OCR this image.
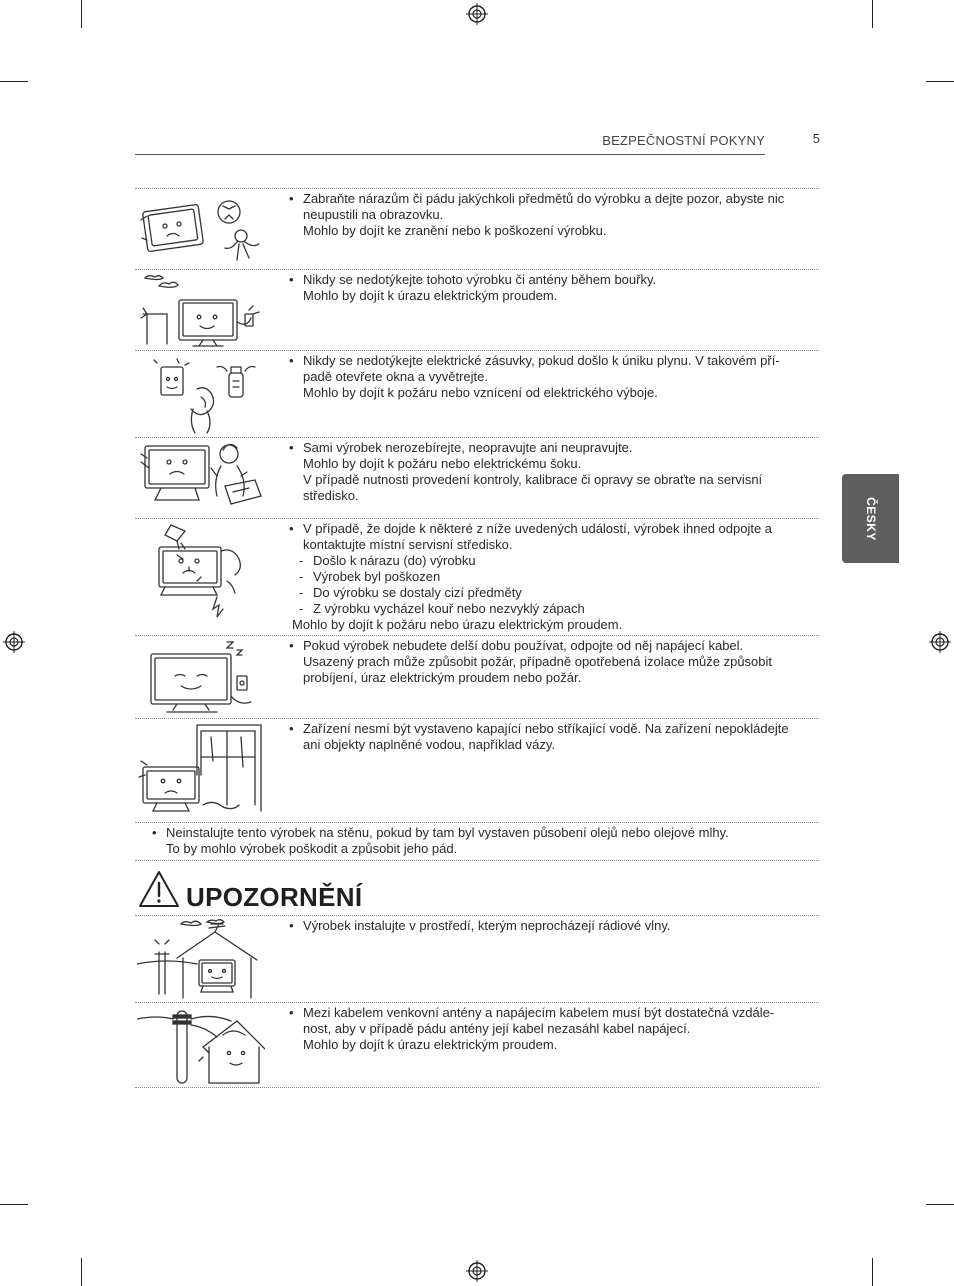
BEZPEČNOSTNÍ POKYNY	5
ČESKY
• Zabraňte nárazům či pádu jakýchkoli předmětů do výrobku a dejte pozor, abyste nic
neupustili na obrazovku.
Mohlo by dojít ke zranění nebo k poškození výrobku.
• Nikdy se nedotýkejte tohoto výrobku či antény během bouřky.
Mohlo by dojít k úrazu elektrickým proudem.
• Nikdy se nedotýkejte elektrické zásuvky, pokud došlo k úniku plynu. V takovém pří-
padě otevřete okna a vyvětrejte.
Mohlo by dojít k požáru nebo vznícení od elektrického výboje.
• Sami výrobek nerozebírejte, neopravujte ani neupravujte.
Mohlo by dojít k požáru nebo elektrickému šoku.
V případě nutnosti provedení kontroly, kalibrace či opravy se obraťte na servisní
středisko.
• V případě, že dojde k některé z níže uvedených událostí, výrobek ihned odpojte a
kontaktujte místní servisní středisko.
- Došlo k nárazu (do) výrobku
- Výrobek byl poškozen
- Do výrobku se dostaly cizí předměty
- Z výrobku vycházel kouř nebo nezvyklý zápach
Mohlo by dojít k požáru nebo úrazu elektrickým proudem.
• Pokud výrobek nebudete delší dobu používat, odpojte od něj napájecí kabel.
Usazený prach může způsobit požár, případně opotřebená izolace může způsobit
probíjení, úraz elektrickým proudem nebo požár.
• Zařízení nesmí být vystaveno kapající nebo stříkající vodě. Na zařízení nepokládejte
ani objekty naplněné vodou, například vázy.
• Neinstalujte tento výrobek na stěnu, pokud by tam byl vystaven působení olejů nebo olejové mlhy.
To by mohlo výrobek poškodit a způsobit jeho pád.
UPOZORNĚNÍ
• Výrobek instalujte v prostředí, kterým neprocházejí rádiové vlny.
• Mezi kabelem venkovní antény a napájecím kabelem musí být dostatečná vzdále-
nost, aby v případě pádu antény její kabel nezasáhl kabel napájecí.
Mohlo by dojít k úrazu elektrickým proudem.
